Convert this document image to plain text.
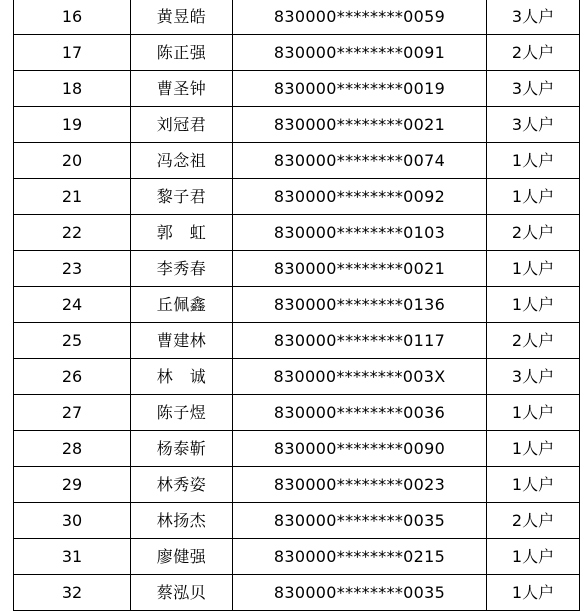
16	黄昱皓	830000********0059	3人户
17	陈正强	830000********0091	2人户
18	曹圣钟	830000********0019	3人户
19	刘冠君	830000********0021	3人户
20	冯念祖	830000********0074	1人户
21	黎子君	830000********0092	1人户
22	郭　虹	830000********0103	2人户
23	李秀春	830000********0021	1人户
24	丘佩鑫	830000********0136	1人户
25	曹建林	830000********0117	2人户
26	林　诚	830000********003X	3人户
27	陈子煜	830000********0036	1人户
28	杨泰靳	830000********0090	1人户
29	林秀姿	830000********0023	1人户
30	林扬杰	830000********0035	2人户
31	廖健强	830000********0215	1人户
32	蔡泓贝	830000********0035	1人户
